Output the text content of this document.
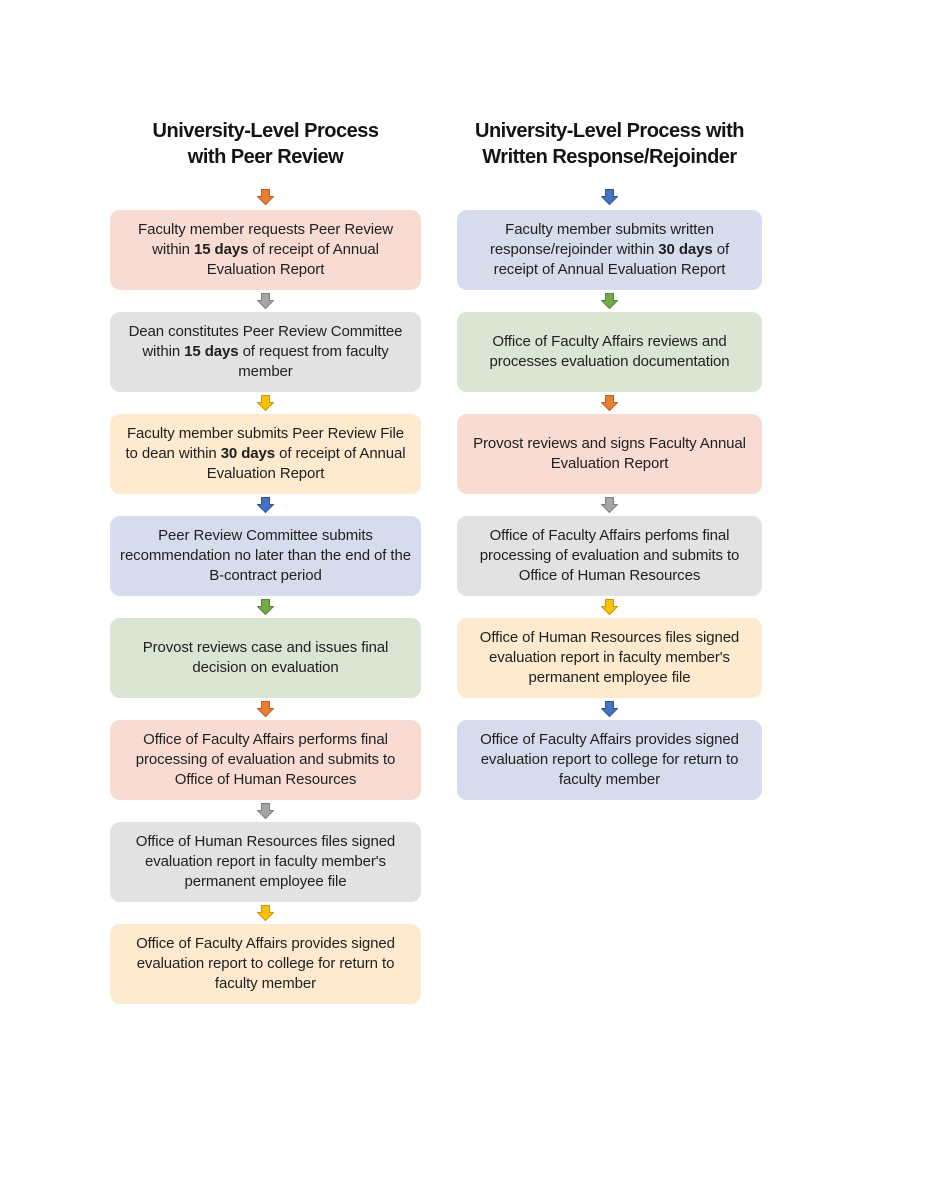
University-Level Process
with Peer Review
Faculty member requests Peer Review within 15 days of receipt of Annual Evaluation Report
Dean constitutes Peer Review Committee within 15 days of request from faculty member
Faculty member submits Peer Review File to dean within 30 days of receipt of Annual Evaluation Report
Peer Review Committee submits recommendation no later than the end of the B-contract period
Provost reviews case and issues final decision on evaluation
Office of Faculty Affairs performs final processing of evaluation and submits to Office of Human Resources
Office of Human Resources files signed evaluation report in faculty member's permanent employee file
Office of Faculty Affairs provides signed evaluation report to college for return to faculty member
University-Level Process with
Written Response/Rejoinder
Faculty member submits written response/rejoinder within 30 days of receipt of Annual Evaluation Report
Office of Faculty Affairs reviews and processes evaluation documentation
Provost reviews and signs Faculty Annual Evaluation Report
Office of Faculty Affairs perfoms final processing of evaluation and submits to Office of Human Resources
Office of Human Resources files signed evaluation report in faculty member's permanent employee file
Office of Faculty Affairs provides signed evaluation report to college for return to faculty member
